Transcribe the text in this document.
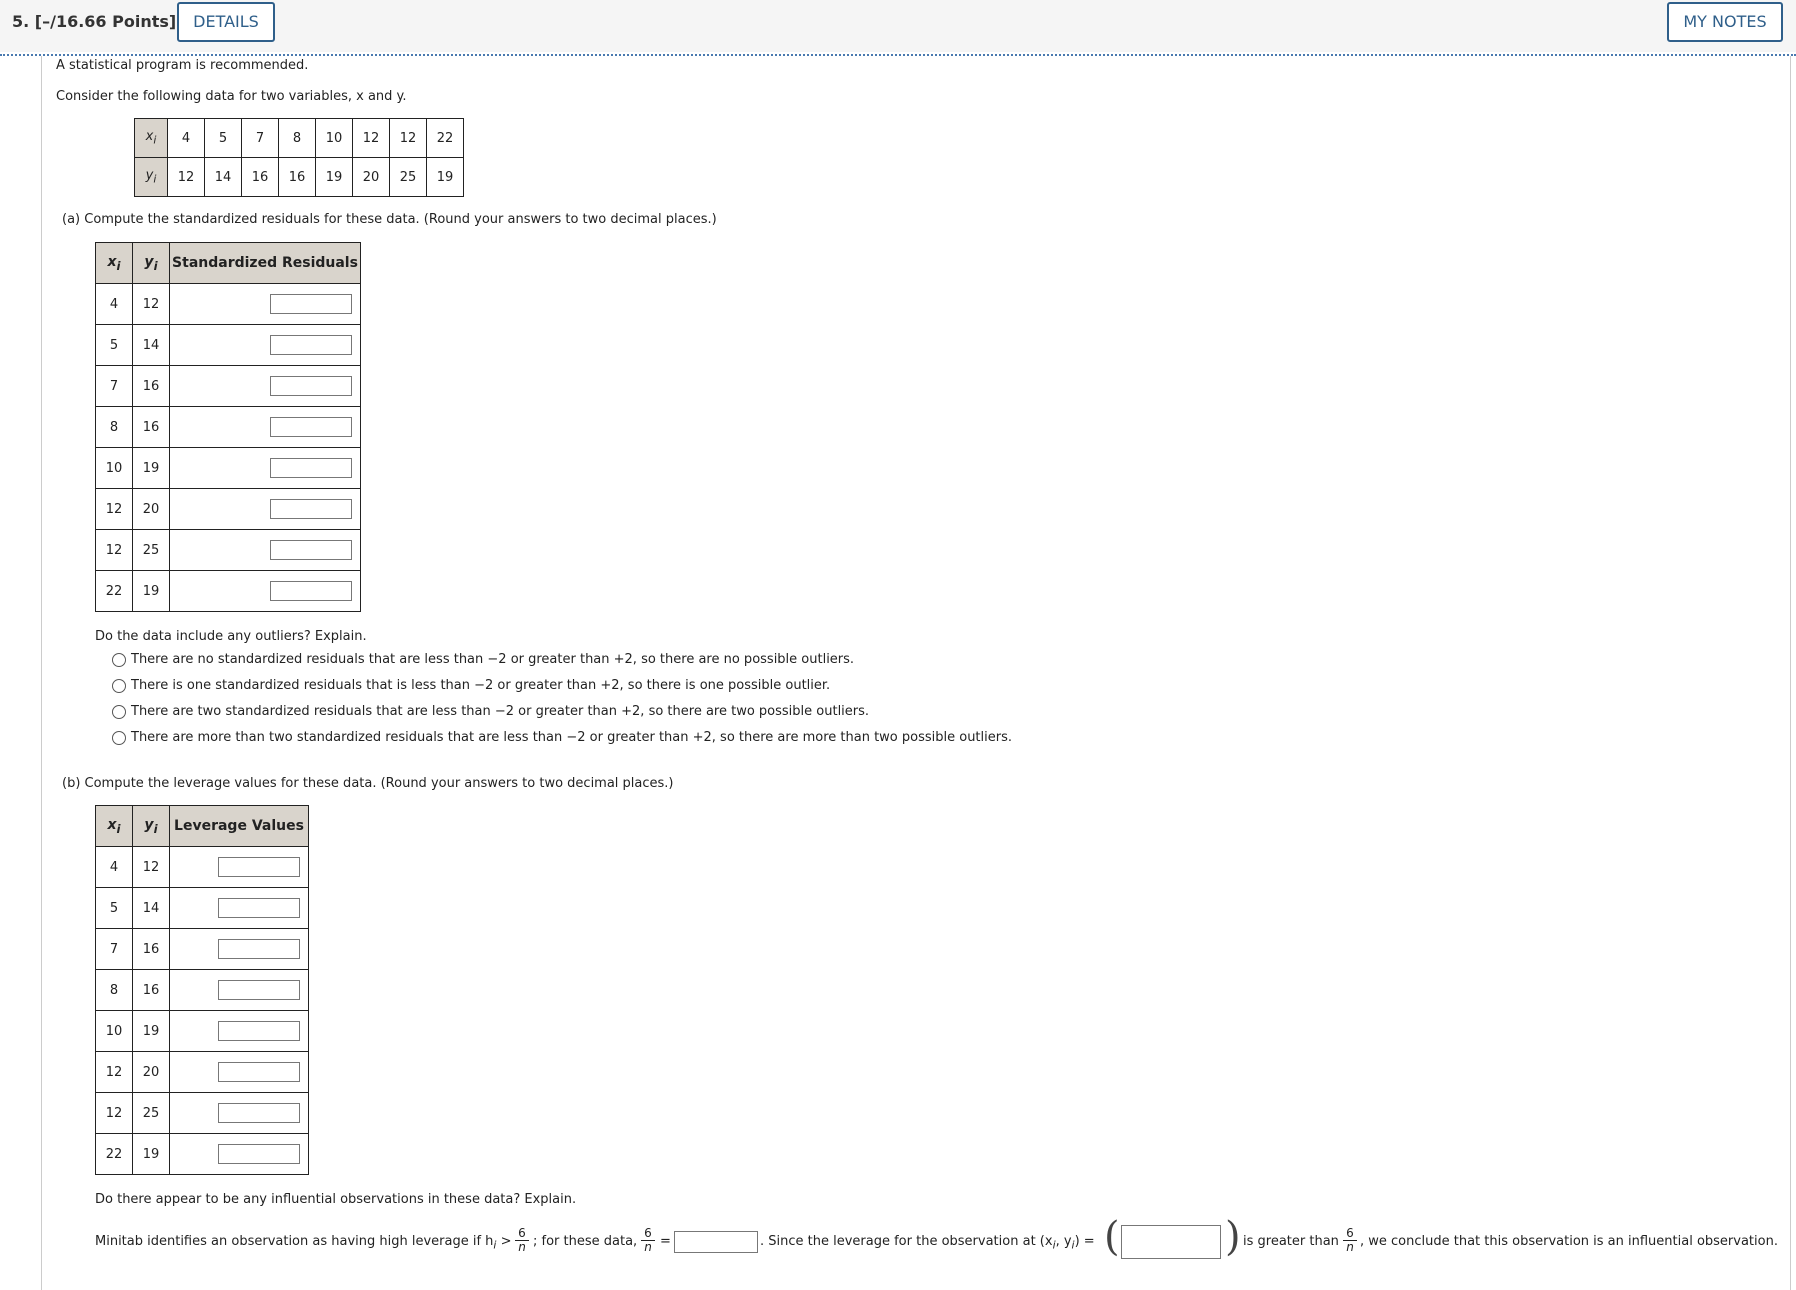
5. [–/16.66 Points]	DETAILS	MY NOTES
A statistical program is recommended.
Consider the following data for two variables, x and y.
$x_i$	4	5	7	8	10	12	12	22
$y_i$	12	14	16	16	19	20	25	19
(a) Compute the standardized residuals for these data. (Round your answers to two decimal places.)
$x_i$	$y_i$	Standardized Residuals
4	12	
5	14	
7	16	
8	16	
10	19	
12	20	
12	25	
22	19	
Do the data include any outliers? Explain.
There are no standardized residuals that are less than −2 or greater than +2, so there are no possible outliers.
There is one standardized residuals that is less than −2 or greater than +2, so there is one possible outlier.
There are two standardized residuals that are less than −2 or greater than +2, so there are two possible outliers.
There are more than two standardized residuals that are less than −2 or greater than +2, so there are more than two possible outliers.
(b) Compute the leverage values for these data. (Round your answers to two decimal places.)
$x_i$	$y_i$	Leverage Values
4	12	
5	14	
7	16	
8	16	
10	19	
12	20	
12	25	
22	19	
Do there appear to be any influential observations in these data? Explain.
Minitab identifies an observation as having high leverage if $h_i > \frac{6}{n}$ ; for these data, $\frac{6}{n}$ =	. Since the leverage for the observation at ($x_i$, $y_i$) = (	) is greater than $\frac{6}{n}$ , we conclude that this observation is an influential observation.
